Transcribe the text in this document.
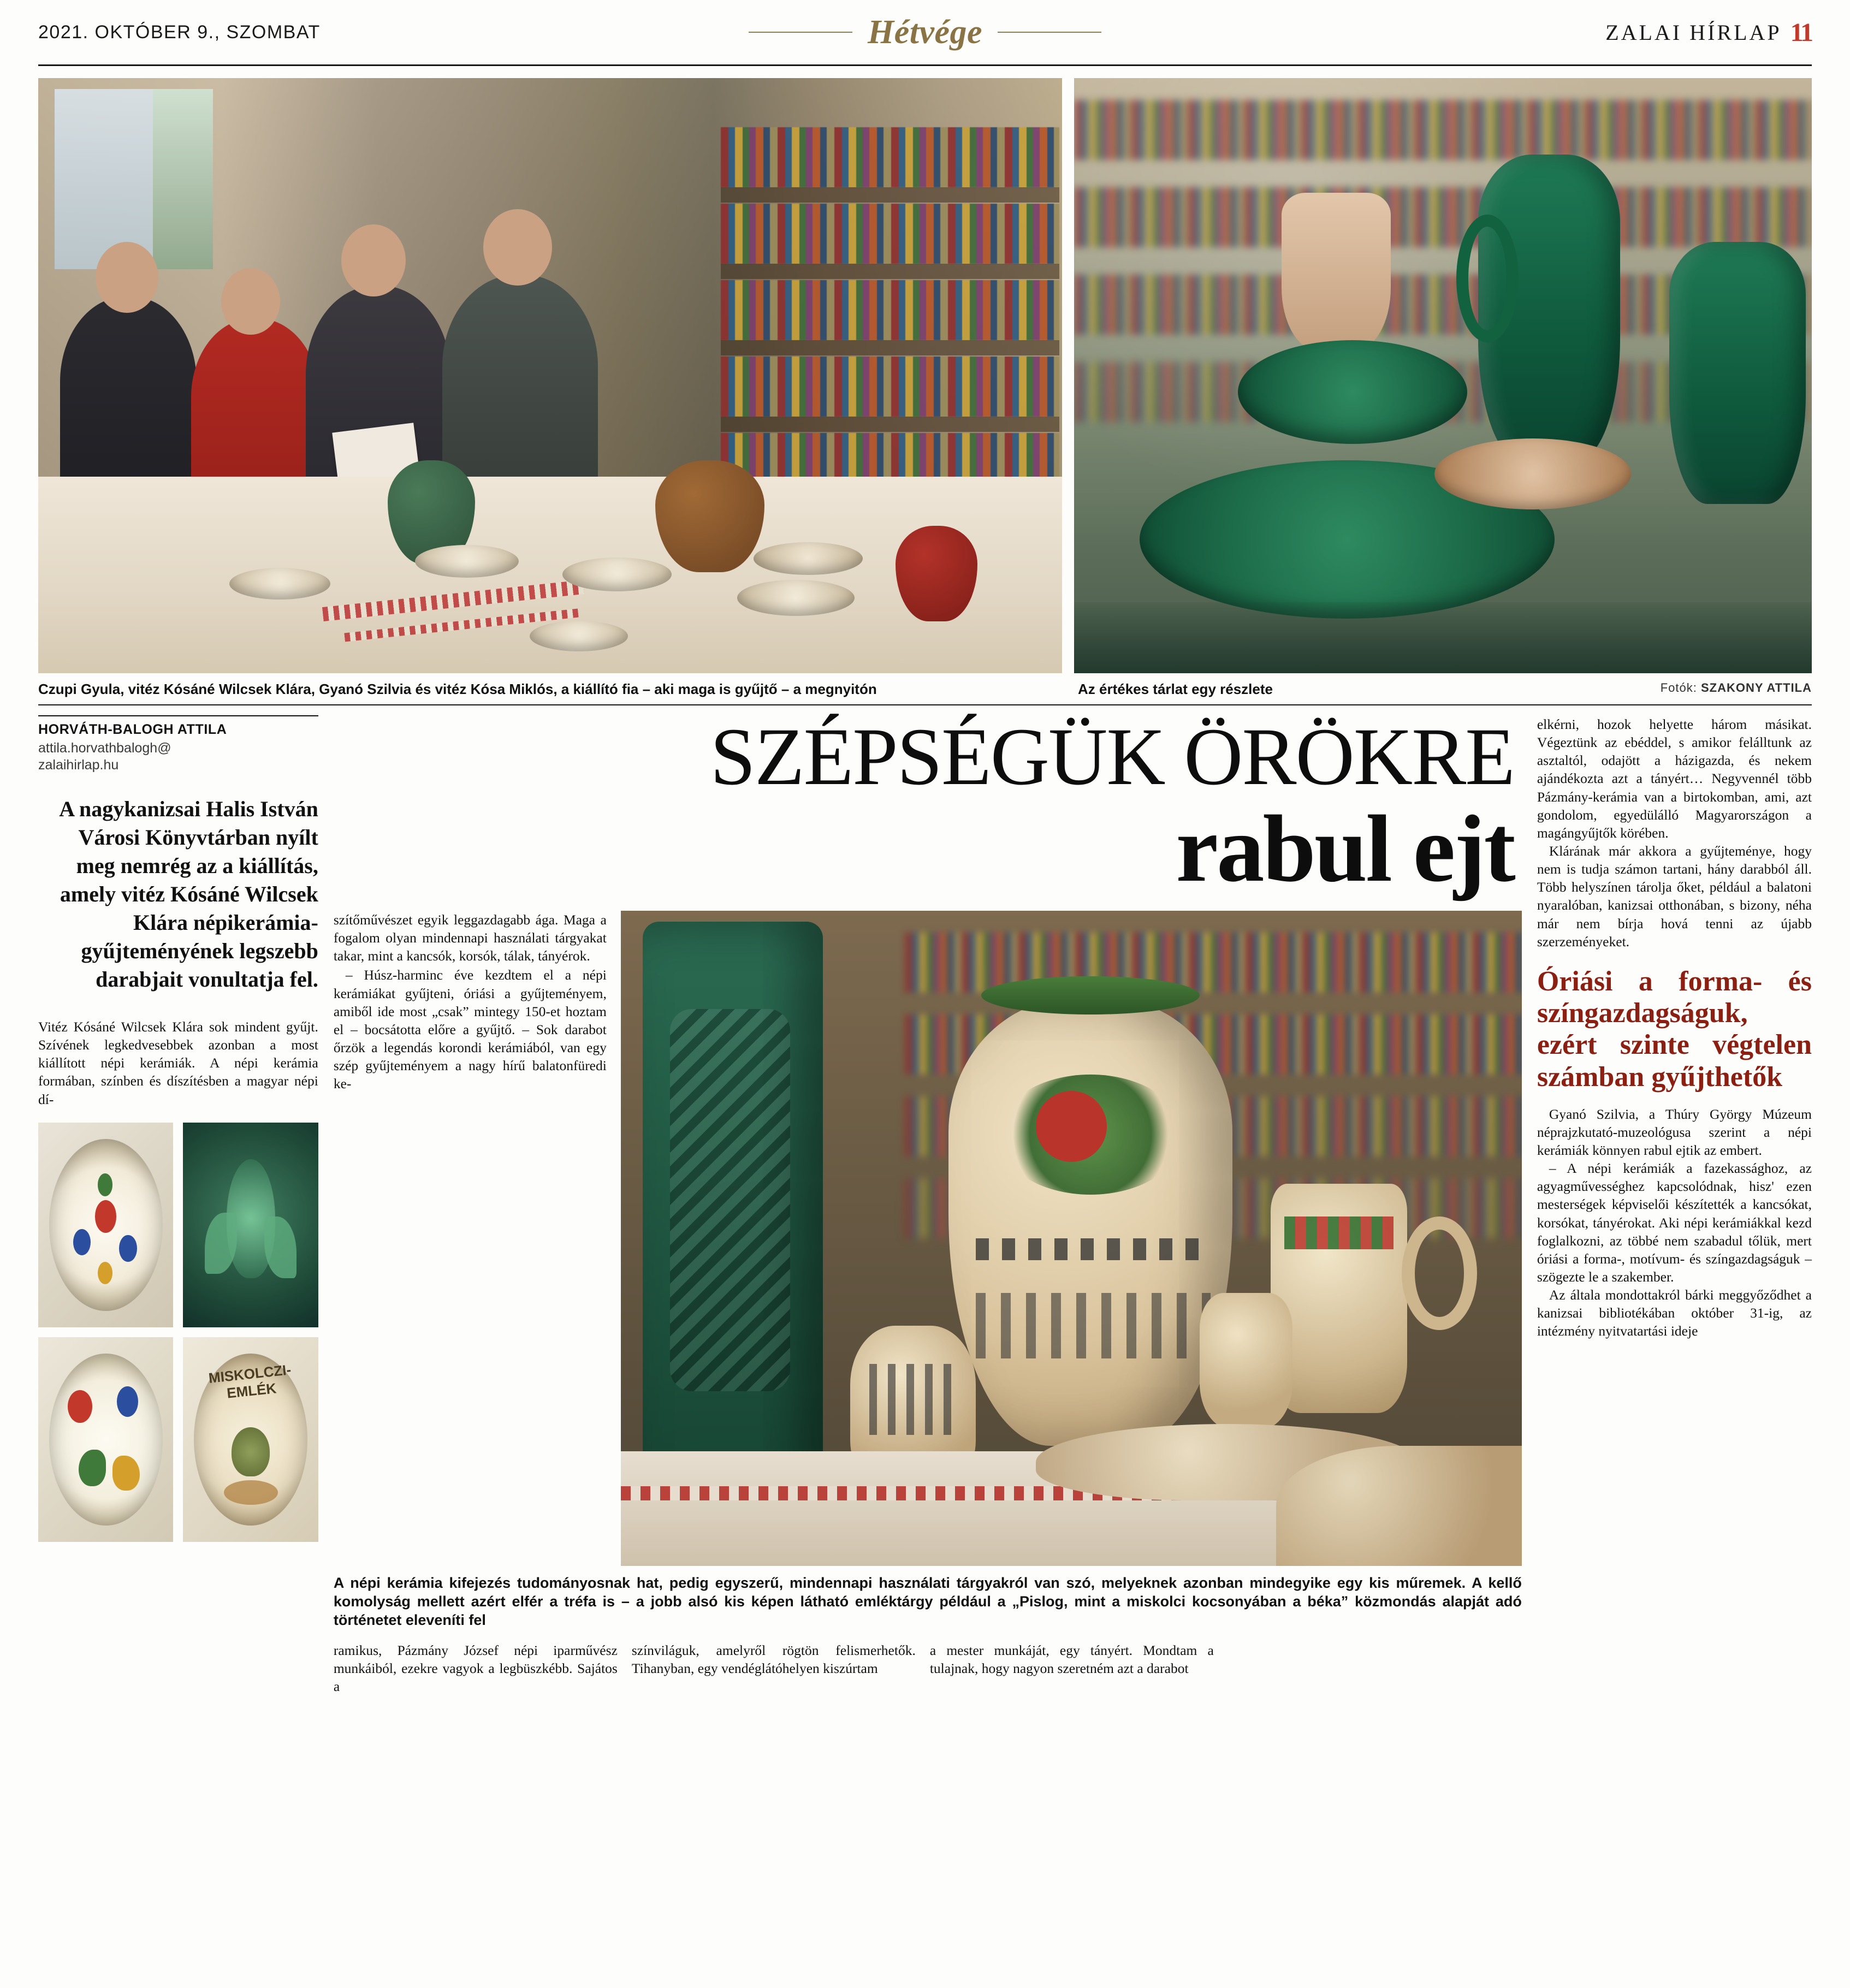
2021. OKTÓBER 9., SZOMBAT	Hétvége	ZALAI HÍRLAP 11
Czupi Gyula, vitéz Kósáné Wilcsek Klára, Gyanó Szilvia és vitéz Kósa Miklós, a kiállító fia – aki maga is gyűjtő – a megnyitón	Az értékes tárlat egy részlete	Fotók: SZAKONY ATTILA
HORVÁTH-BALOGH ATTILA
attila.horvathbalogh@
zalaihirlap.hu
A nagykanizsai Halis István Városi Könyvtárban nyílt meg nemrég az a kiállítás, amely vitéz Kósáné Wilcsek Klára népikerámia-gyűjteményének legszebb darabjait vonultatja fel.

Vitéz Kósáné Wilcsek Klára sok mindent gyűjt. Szívének legkedvesebbek azonban a most kiállított népi kerámiák. A népi kerámia formában, színben és díszítésben a magyar népi dí-

MISKOLCZI-EMLÉK
SZÉPSÉGÜK ÖRÖKRE
rabul ejt

szítőművészet egyik leggazdagabb ága. Maga a fogalom olyan mindennapi használati tárgyakat takar, mint a kancsók, korsók, tálak, tányérok.

– Húsz-harminc éve kezdtem el a népi kerámiákat gyűjteni, óriási a gyűjteményem, amiből ide most „csak” mintegy 150-et hoztam el – bocsátotta előre a gyűjtő. – Sok darabot őrzök a legendás korondi kerámiából, van egy szép gyűjteményem a nagy hírű balatonfüredi ke-

A népi kerámia kifejezés tudományosnak hat, pedig egyszerű, mindennapi használati tárgyakról van szó, melyeknek azonban mindegyike egy kis műremek. A kellő komolyság mellett azért elfér a tréfa is – a jobb alsó kis képen látható emléktárgy például a „Pislog, mint a miskolci kocsonyában a béka” közmondás alapját adó történetet eleveníti fel

ramikus, Pázmány József népi iparművész munkáiból, ezekre vagyok a legbüszkébb. Sajátos a

színviláguk, amelyről rögtön felismerhetők. Tihanyban, egy vendéglátóhelyen kiszúrtam

a mester munkáját, egy tányért. Mondtam a tulajnak, hogy nagyon szeretném azt a darabot

elkérni, hozok helyette három másikat. Végeztünk az ebéddel, s amikor felálltunk az asztaltól, odajött a házigazda, és nekem ajándékozta azt a tányért… Negyvennél több Pázmány-kerámia van a birtokomban, ami, azt gondolom, egyedülálló Magyarországon a magángyűjtők körében.

Klárának már akkora a gyűjteménye, hogy nem is tudja számon tartani, hány darabból áll. Több helyszínen tárolja őket, például a balatoni nyaralóban, kanizsai otthonában, s bizony, néha már nem bírja hová tenni az újabb szerzeményeket.

Óriási a forma- és színgazdagságuk, ezért szinte végtelen számban gyűjthetők

Gyanó Szilvia, a Thúry György Múzeum néprajzkutató-muzeológusa szerint a népi kerámiák könnyen rabul ejtik az embert.

– A népi kerámiák a fazekassághoz, az agyagművességhez kapcsolódnak, hisz' ezen mesterségek képviselői készítették a kancsókat, korsókat, tányérokat. Aki népi kerámiákkal kezd foglalkozni, az többé nem szabadul tőlük, mert óriási a forma-, motívum- és színgazdagságuk – szögezte le a szakember.

Az általa mondottakról bárki meggyőződhet a kanizsai bibliotékában október 31-ig, az intézmény nyitvatartási ideje
